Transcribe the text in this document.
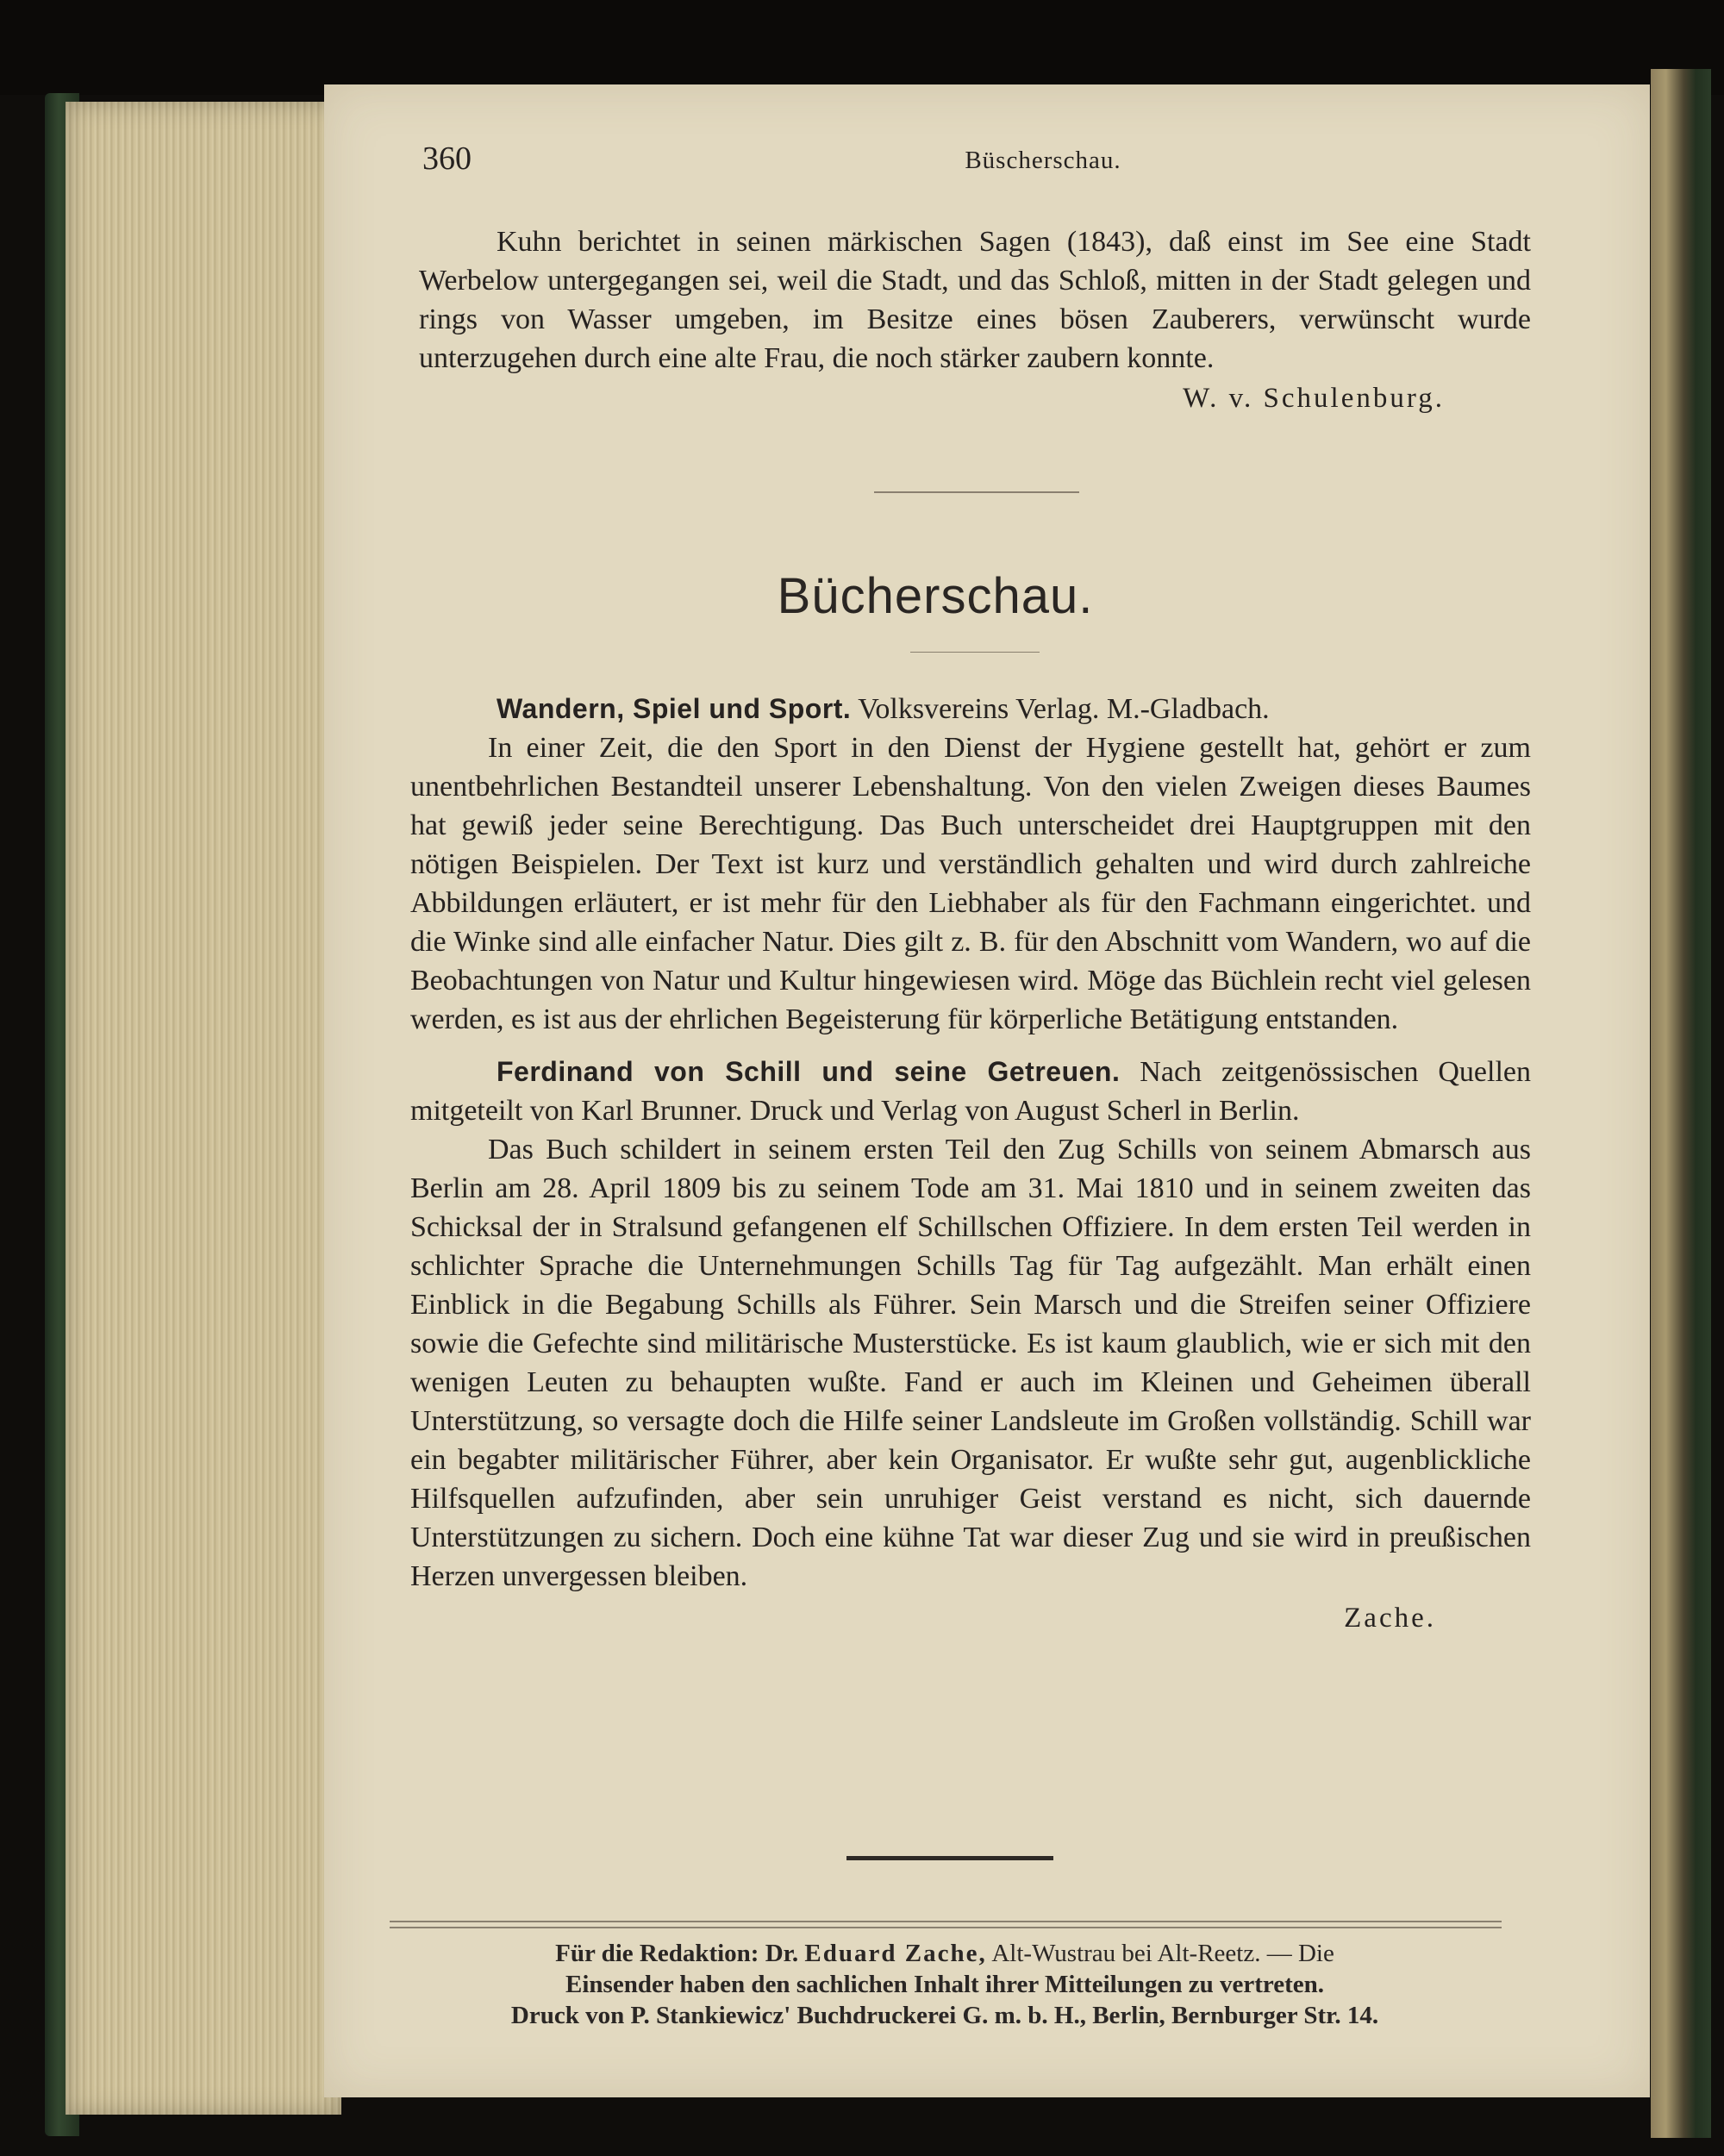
360	Büscherschau.

Kuhn berichtet in seinen märkischen Sagen (1843), daß einst im See eine Stadt Werbelow untergegangen sei, weil die Stadt, und das Schloß, mitten in der Stadt gelegen und rings von Wasser umgeben, im Besitze eines bösen Zauberers, verwünscht wurde unterzugehen durch eine alte Frau, die noch stärker zaubern konnte.

W. v. Schulenburg.
Bücherschau.

Wandern, Spiel und Sport. Volksvereins Verlag. M.-Gladbach.

In einer Zeit, die den Sport in den Dienst der Hygiene gestellt hat, gehört er zum unentbehrlichen Bestandteil unserer Lebenshaltung. Von den vielen Zweigen dieses Baumes hat gewiß jeder seine Berechtigung. Das Buch unterscheidet drei Hauptgruppen mit den nötigen Beispielen. Der Text ist kurz und verständlich gehalten und wird durch zahlreiche Abbildungen erläutert, er ist mehr für den Liebhaber als für den Fachmann eingerichtet. und die Winke sind alle einfacher Natur. Dies gilt z. B. für den Abschnitt vom Wandern, wo auf die Beobachtungen von Natur und Kultur hingewiesen wird. Möge das Büchlein recht viel gelesen werden, es ist aus der ehrlichen Begeisterung für körperliche Betätigung entstanden.

Ferdinand von Schill und seine Getreuen. Nach zeitgenössischen Quellen mitgeteilt von Karl Brunner. Druck und Verlag von August Scherl in Berlin.

Das Buch schildert in seinem ersten Teil den Zug Schills von seinem Abmarsch aus Berlin am 28. April 1809 bis zu seinem Tode am 31. Mai 1810 und in seinem zweiten das Schicksal der in Stralsund gefangenen elf Schillschen Offiziere. In dem ersten Teil werden in schlichter Sprache die Unternehmungen Schills Tag für Tag aufgezählt. Man erhält einen Einblick in die Begabung Schills als Führer. Sein Marsch und die Streifen seiner Offiziere sowie die Gefechte sind militärische Musterstücke. Es ist kaum glaublich, wie er sich mit den wenigen Leuten zu behaupten wußte. Fand er auch im Kleinen und Geheimen überall Unterstützung, so versagte doch die Hilfe seiner Landsleute im Großen vollständig. Schill war ein begabter militärischer Führer, aber kein Organisator. Er wußte sehr gut, augenblickliche Hilfsquellen aufzufinden, aber sein unruhiger Geist verstand es nicht, sich dauernde Unterstützungen zu sichern. Doch eine kühne Tat war dieser Zug und sie wird in preußischen Herzen unvergessen bleiben.

Zache.
Für die Redaktion: Dr. Eduard Zache, Alt-Wustrau bei Alt-Reetz. — Die
Einsender haben den sachlichen Inhalt ihrer Mitteilungen zu vertreten.
Druck von P. Stankiewicz' Buchdruckerei G. m. b. H., Berlin, Bernburger Str. 14.
